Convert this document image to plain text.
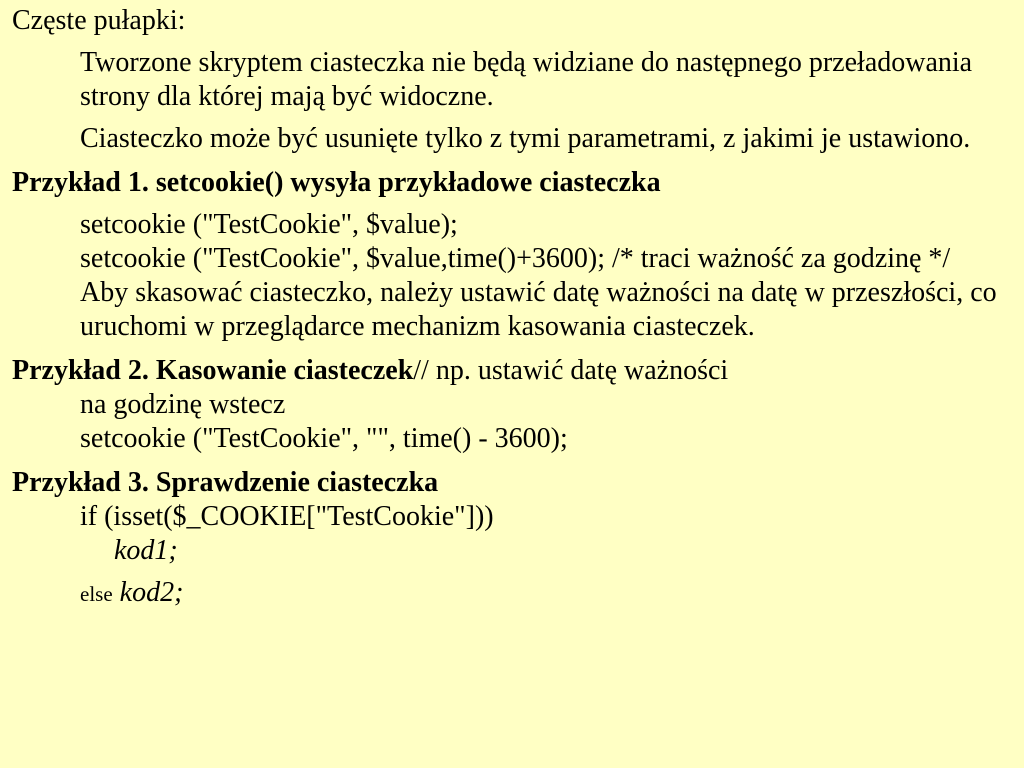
Częste pułapki:

Tworzone skryptem ciasteczka nie będą widziane do następnego przeładowania strony dla której mają być widoczne.

Ciasteczko może być usunięte tylko z tymi parametrami, z jakimi je ustawiono.

Przykład 1. setcookie() wysyła przykładowe ciasteczka

setcookie ("TestCookie", $value);
setcookie ("TestCookie", $value,time()+3600); /* traci ważność za godzinę */
Aby skasować ciasteczko, należy ustawić datę ważności na datę w przeszłości, co uruchomi w przeglądarce mechanizm kasowania ciasteczek.
Przykład 2. Kasowanie ciasteczek// np. ustawić datę ważności
na godzinę wstecz
setcookie ("TestCookie", "", time() - 3600);

Przykład 3. Sprawdzenie ciasteczka

if (isset($_COOKIE["TestCookie"]))

kod1;

else kod2;
